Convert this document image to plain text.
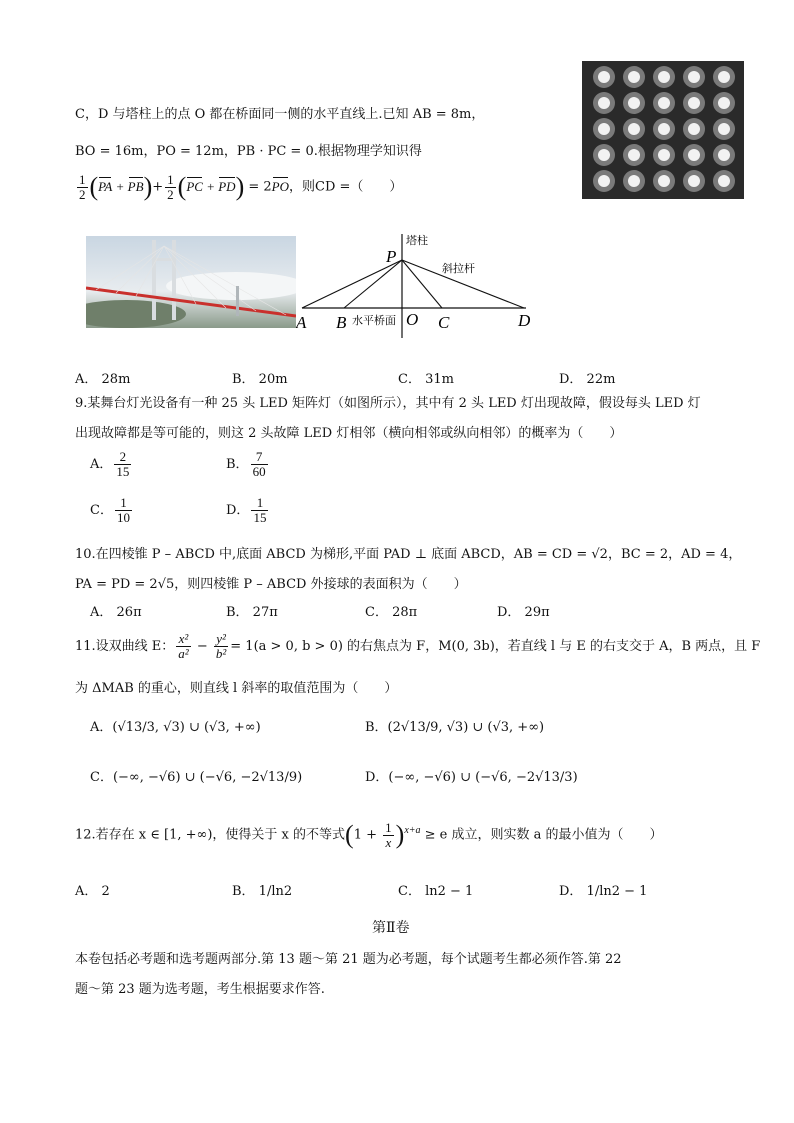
C，D 与塔柱上的点 O 都在桥面同一侧的水平直线上.已知 AB = 8m，
BO = 16m，PO = 12m，PB · PC = 0.根据物理学知识得
$\frac{1}{2} (PA + PB)+ \frac{1}{2} (PC + PD) = 2PO$，则CD =（　　）
塔柱
斜拉杆
水平桥面
P
A B	O C	D
A． 28m	B． 20m	C． 31m	D． 22m
9.某舞台灯光设备有一种 25 头 LED 矩阵灯（如图所示），其中有 2 头 LED 灯出现故障，假设每头 LED 灯
出现故障都是等可能的，则这 2 头故障 LED 灯相邻（横向相邻或纵向相邻）的概率为（　　）
A． $\frac{2}{15}$	B． $\frac{7}{60}$
C． $\frac{1}{10}$	D． $\frac{1}{15}$
10.在四棱锥 P – ABCD 中,底面 ABCD 为梯形,平面 PAD ⊥ 底面 ABCD，AB = CD = √2，BC = 2，AD = 4，
PA = PD = 2√5，则四棱锥 P – ABCD 外接球的表面积为（　　）
A． 26π	B． 27π	C． 28π	D． 29π
11.设双曲线 E： $\frac{\text{x²}}{\text{a²}} - \frac{\text{y²}}{\text{b²}} = 1(a > 0$, b > 0) 的右焦点为 F，M(0, 3b)，若直线 l 与 E 的右支交于 A，B 两点，且 F
为 ΔMAB 的重心，则直线 l 斜率的取值范围为（　　）
A．(√13/3, √3) ∪ (√3, +∞)	B．(2√13/9, √3) ∪ (√3, +∞)
C．(−∞, −√6) ∪ (−√6, −2√13/9)	D．(−∞, −√6) ∪ (−√6, −2√13/3)
12.若存在 x ∈ [1, +∞)，使得关于 x 的不等式$(1 + \frac{1}{x} )^{x+a} \ge e$ 成立，则实数 a 的最小值为（　　）
A． 2	B． 1/ln2	C． ln2 − 1	D． 1/ln2 − 1
第Ⅱ卷
本卷包括必考题和选考题两部分.第 13 题～第 21 题为必考题，每个试题考生都必须作答.第 22
题～第 23 题为选考题，考生根据要求作答.
